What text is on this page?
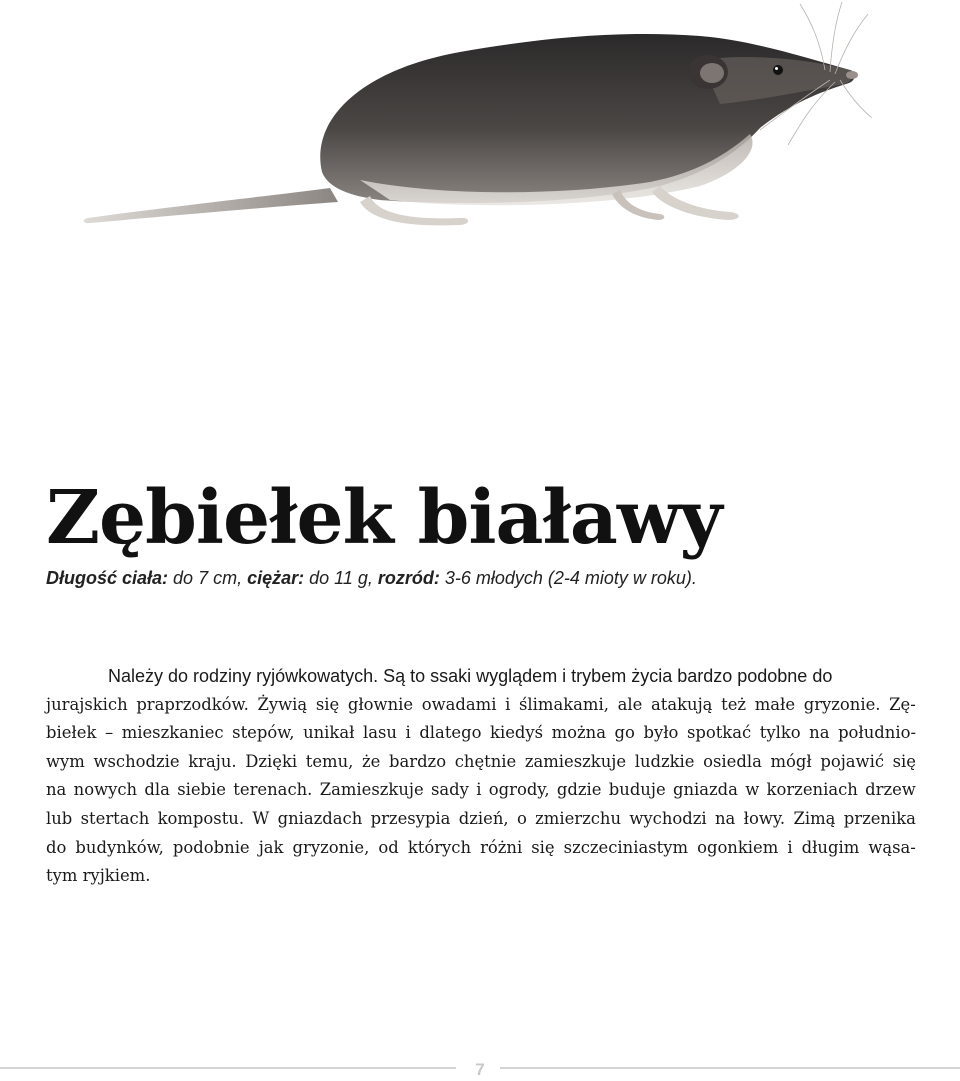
Zębiełek białawy
Długość ciała: do 7 cm, ciężar: do 11 g, rozród: 3-6 młodych (2-4 mioty w roku).
Należy do rodziny ryjówkowatych. Są to ssaki wyglądem i trybem życia bardzo podobne do
jurajskich praprzodków. Żywią się głownie owadami i ślimakami, ale atakują też małe gryzonie. Zę-
biełek – mieszkaniec stepów, unikał lasu i dlatego kiedyś można go było spotkać tylko na południo-
wym wschodzie kraju. Dzięki temu, że bardzo chętnie zamieszkuje ludzkie osiedla mógł pojawić się
na nowych dla siebie terenach. Zamieszkuje sady i ogrody, gdzie buduje gniazda w korzeniach drzew
lub stertach kompostu. W gniazdach przesypia dzień, o zmierzchu wychodzi na łowy. Zimą przenika
do budynków, podobnie jak gryzonie, od których różni się szczeciniastym ogonkiem i długim wąsa-
tym ryjkiem.
7
